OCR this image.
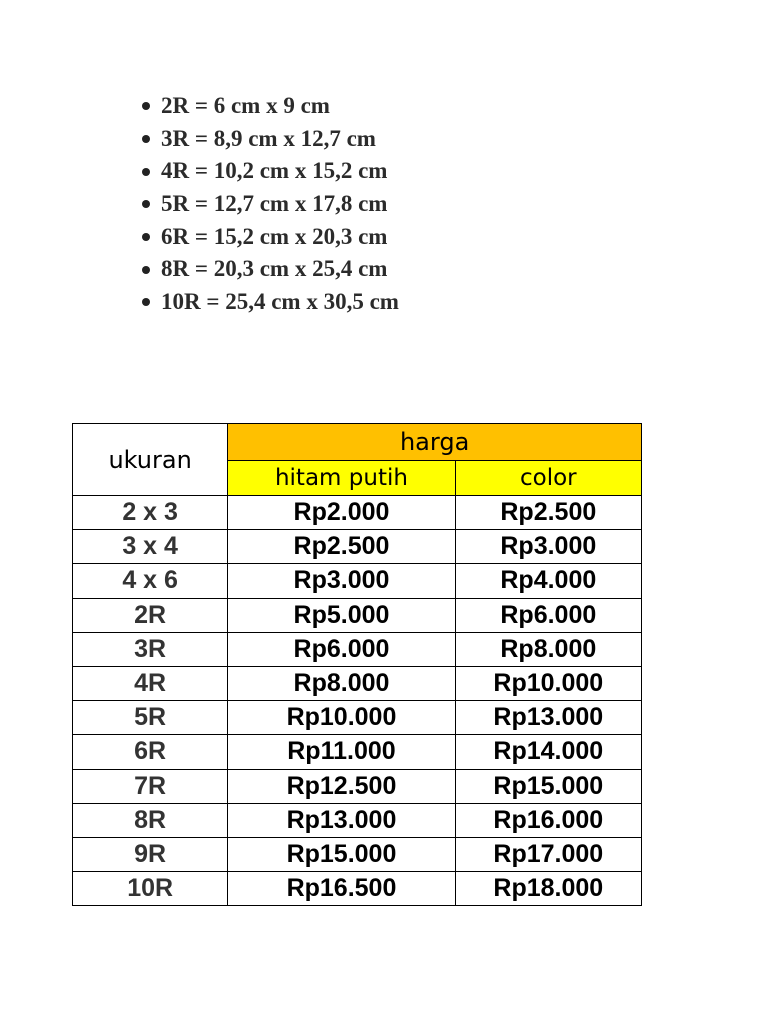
2R = 6 cm x 9 cm
3R = 8,9 cm x 12,7 cm
4R = 10,2 cm x 15,2 cm
5R = 12,7 cm x 17,8 cm
6R = 15,2 cm x 20,3 cm
8R = 20,3 cm x 25,4 cm
10R = 25,4 cm x 30,5 cm
ukuran	harga	
	hitam putih	color
2 x 3	Rp2.000	Rp2.500
3 x 4	Rp2.500	Rp3.000
4 x 6	Rp3.000	Rp4.000
2R	Rp5.000	Rp6.000
3R	Rp6.000	Rp8.000
4R	Rp8.000	Rp10.000
5R	Rp10.000	Rp13.000
6R	Rp11.000	Rp14.000
7R	Rp12.500	Rp15.000
8R	Rp13.000	Rp16.000
9R	Rp15.000	Rp17.000
10R	Rp16.500	Rp18.000
